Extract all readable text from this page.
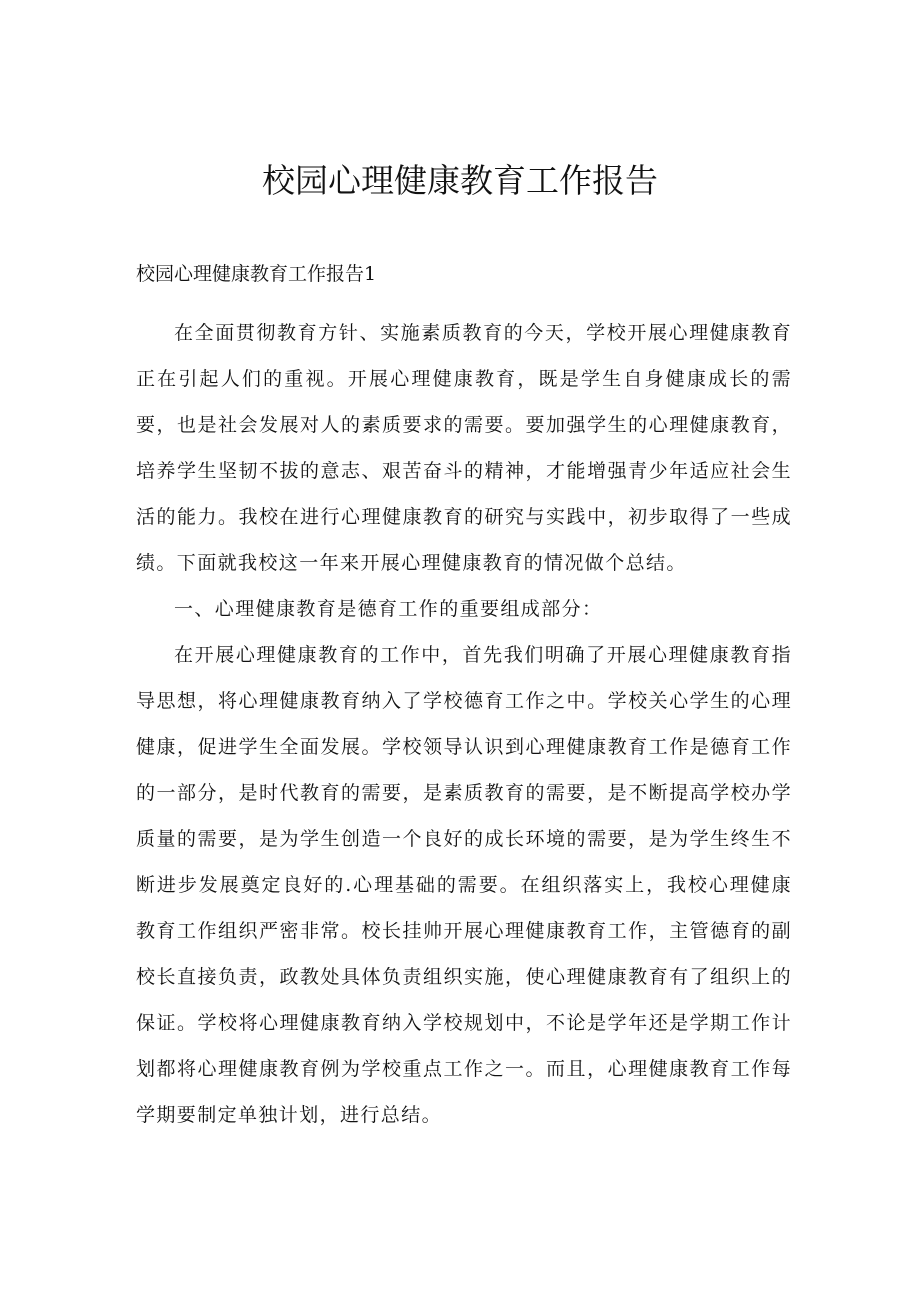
校园心理健康教育工作报告
校园心理健康教育工作报告1

在全面贯彻教育方针、实施素质教育的今天，学校开展心理健康教育正在引起人们的重视。开展心理健康教育，既是学生自身健康成长的需要，也是社会发展对人的素质要求的需要。要加强学生的心理健康教育，培养学生坚韧不拔的意志、艰苦奋斗的精神，才能增强青少年适应社会生活的能力。我校在进行心理健康教育的研究与实践中，初步取得了一些成绩。下面就我校这一年来开展心理健康教育的情况做个总结。

一、心理健康教育是德育工作的重要组成部分：

在开展心理健康教育的工作中，首先我们明确了开展心理健康教育指导思想，将心理健康教育纳入了学校德育工作之中。学校关心学生的心理健康，促进学生全面发展。学校领导认识到心理健康教育工作是德育工作的一部分，是时代教育的需要，是素质教育的需要，是不断提高学校办学质量的需要，是为学生创造一个良好的成长环境的需要，是为学生终生不断进步发展奠定良好的.心理基础的需要。在组织落实上，我校心理健康教育工作组织严密非常。校长挂帅开展心理健康教育工作，主管德育的副校长直接负责，政教处具体负责组织实施，使心理健康教育有了组织上的保证。学校将心理健康教育纳入学校规划中，不论是学年还是学期工作计划都将心理健康教育例为学校重点工作之一。而且，心理健康教育工作每学期要制定单独计划，进行总结。
